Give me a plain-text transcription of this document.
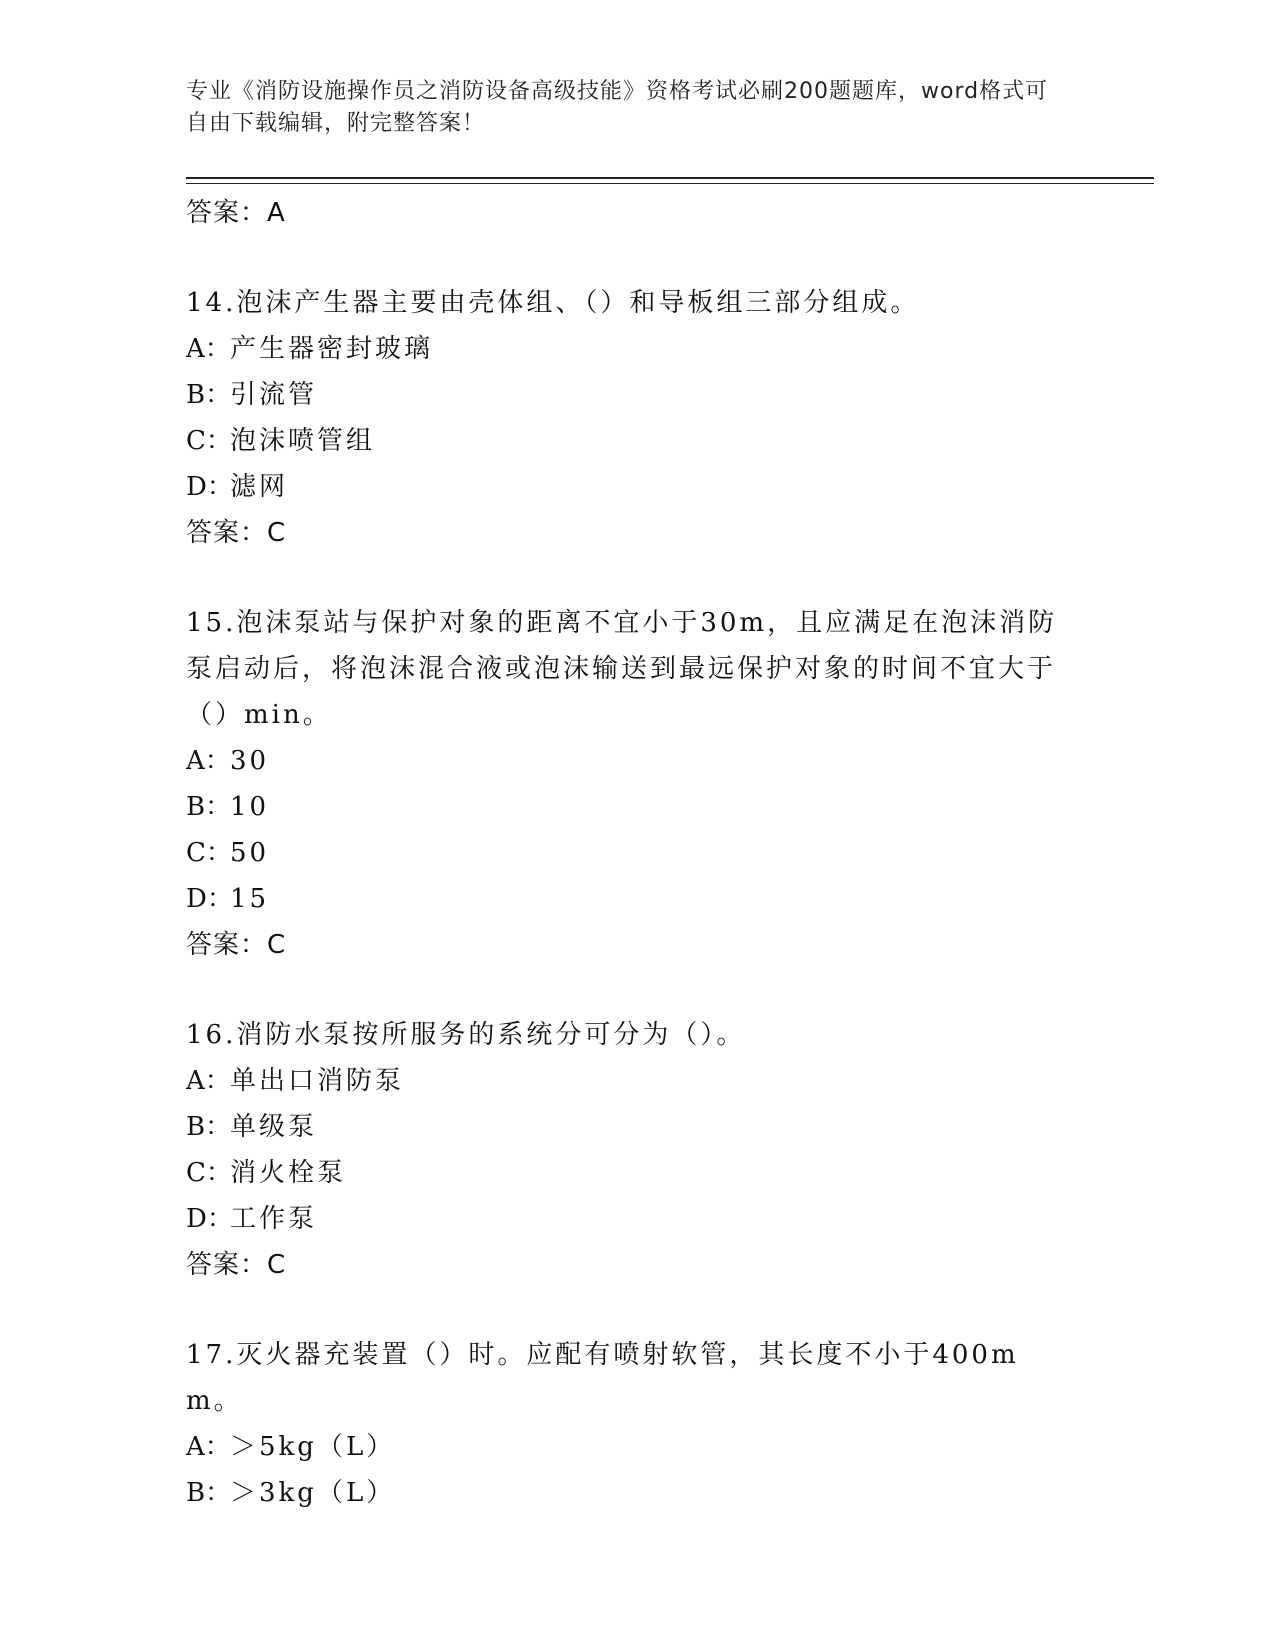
专业《消防设施操作员之消防设备高级技能》资格考试必刷200题题库，word格式可自由下载编辑，附完整答案！
答案：A
14.泡沫产生器主要由壳体组、（）和导板组三部分组成。
A：产生器密封玻璃
B：引流管
C：泡沫喷管组
D：滤网
答案：C
15.泡沫泵站与保护对象的距离不宜小于30m，且应满足在泡沫消防泵启动后，将泡沫混合液或泡沫输送到最远保护对象的时间不宜大于（）min。
A：30
B：10
C：50
D：15
答案：C
16.消防水泵按所服务的系统分可分为（）。
A：单出口消防泵
B：单级泵
C：消火栓泵
D：工作泵
答案：C
17.灭火器充装置（）时。应配有喷射软管，其长度不小于400mm。
A：＞5kg（L）
B：＞3kg（L）
